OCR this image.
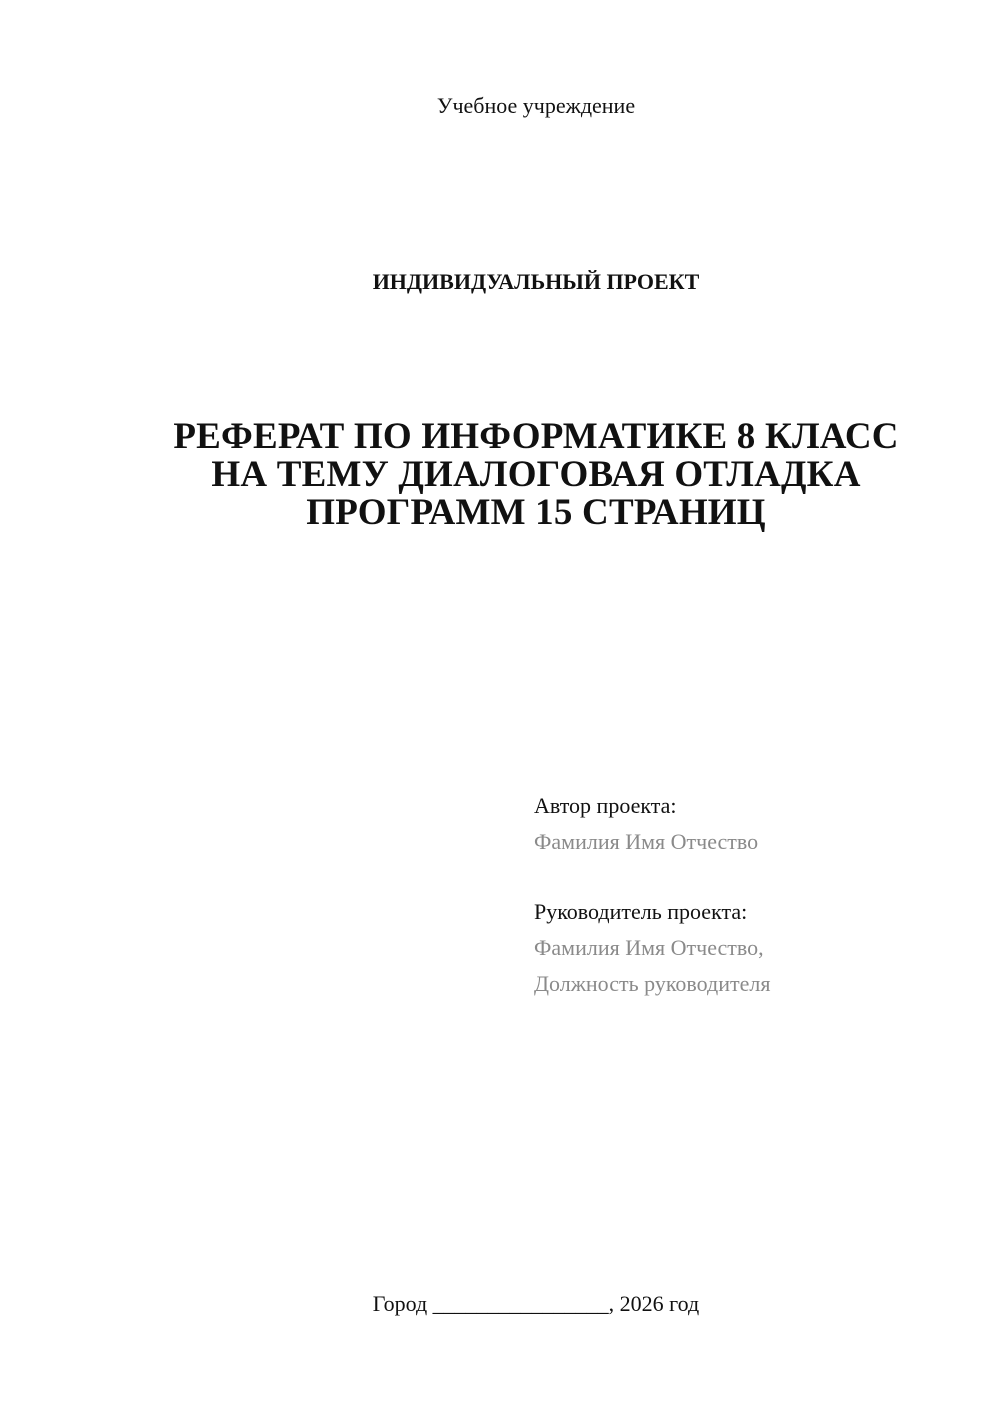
Учебное учреждение
ИНДИВИДУАЛЬНЫЙ ПРОЕКТ
РЕФЕРАТ ПО ИНФОРМАТИКЕ 8 КЛАСС
НА ТЕМУ ДИАЛОГОВАЯ ОТЛАДКА
ПРОГРАММ 15 СТРАНИЦ
Автор проекта:
Фамилия Имя Отчество
Руководитель проекта:
Фамилия Имя Отчество,
Должность руководителя
Город ________________, 2026 год
